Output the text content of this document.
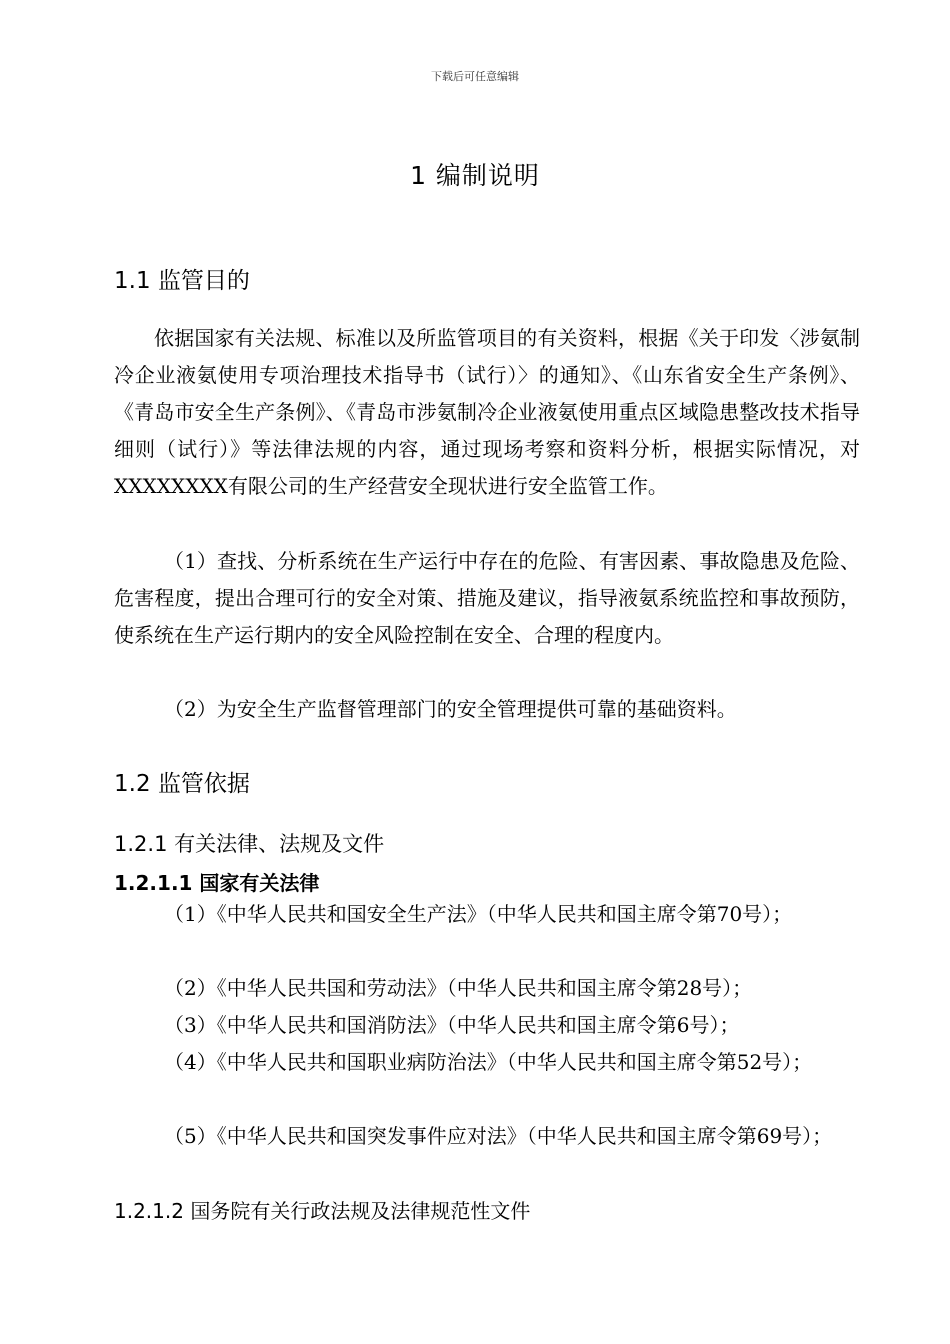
下载后可任意编辑
1 编制说明
1.1 监管目的

依据国家有关法规、标准以及所监管项目的有关资料，根据《关于印发〈涉氨制冷企业液氨使用专项治理技术指导书（试行）〉的通知》、《山东省安全生产条例》、《青岛市安全生产条例》、《青岛市涉氨制冷企业液氨使用重点区域隐患整改技术指导细则（试行）》等法律法规的内容，通过现场考察和资料分析，根据实际情况，对XXXXXXXX有限公司的生产经营安全现状进行安全监管工作。

（1）查找、分析系统在生产运行中存在的危险、有害因素、事故隐患及危险、危害程度，提出合理可行的安全对策、措施及建议，指导液氨系统监控和事故预防，使系统在生产运行期内的安全风险控制在安全、合理的程度内。

（2）为安全生产监督管理部门的安全管理提供可靠的基础资料。

1.2 监管依据
1.2.1 有关法律、法规及文件
1.2.1.1 国家有关法律

（1）《中华人民共和国安全生产法》（中华人民共和国主席令第70号）；

（2）《中华人民共国和劳动法》（中华人民共和国主席令第28号）；

（3）《中华人民共和国消防法》（中华人民共和国主席令第6号）；

（4）《中华人民共和国职业病防治法》（中华人民共和国主席令第52号）；

（5）《中华人民共和国突发事件应对法》（中华人民共和国主席令第69号）；

1.2.1.2 国务院有关行政法规及法律规范性文件
